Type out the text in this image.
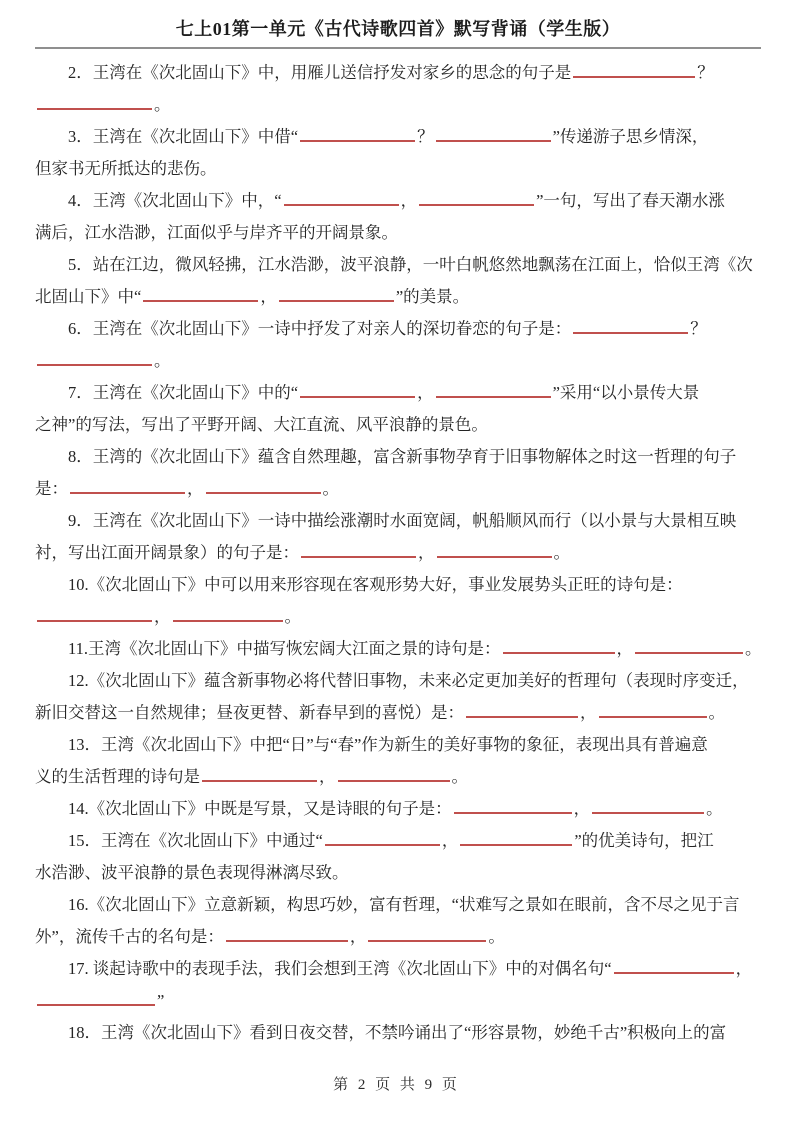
七上01第一单元《古代诗歌四首》默写背诵（学生版）
2．王湾在《次北固山下》中，用雁儿送信抒发对家乡的思念的句子是	？
。
3．王湾在《次北固山下》中借“	？	”传递游子思乡情深，
但家书无所抵达的悲伤。
4．王湾《次北固山下》中，“	，	”一句，写出了春天潮水涨
满后，江水浩渺，江面似乎与岸齐平的开阔景象。
5．站在江边，微风轻拂，江水浩渺，波平浪静，一叶白帆悠然地飘荡在江面上，恰似王湾《次
北固山下》中“	，	”的美景。
6．王湾在《次北固山下》一诗中抒发了对亲人的深切眷恋的句子是：	？
。
7．王湾在《次北固山下》中的“	，	”采用“以小景传大景
之神”的写法，写出了平野开阔、大江直流、风平浪静的景色。
8．王湾的《次北固山下》蕴含自然理趣，富含新事物孕育于旧事物解体之时这一哲理的句子
是：	，	。
9．王湾在《次北固山下》一诗中描绘涨潮时水面宽阔，帆船顺风而行（以小景与大景相互映
衬，写出江面开阔景象）的句子是：	，	。
10.《次北固山下》中可以用来形容现在客观形势大好，事业发展势头正旺的诗句是：
，	。
11.王湾《次北固山下》中描写恢宏阔大江面之景的诗句是：	，	。
12.《次北固山下》蕴含新事物必将代替旧事物，未来必定更加美好的哲理句（表现时序变迁，
新旧交替这一自然规律；昼夜更替、新春早到的喜悦）是：	，	。
13．王湾《次北固山下》中把“日”与“春”作为新生的美好事物的象征，表现出具有普遍意
义的生活哲理的诗句是	，	。
14.《次北固山下》中既是写景，又是诗眼的句子是：	，	。
15．王湾在《次北固山下》中通过“	，	”的优美诗句，把江
水浩渺、波平浪静的景色表现得淋漓尽致。
16.《次北固山下》立意新颖，构思巧妙，富有哲理，“状难写之景如在眼前，含不尽之见于言
外”，流传千古的名句是：	，	。
17. 谈起诗歌中的表现手法，我们会想到王湾《次北固山下》中的对偶名句“	，
”
18．王湾《次北固山下》看到日夜交替，不禁吟诵出了“形容景物，妙绝千古”积极向上的富
第 2 页 共 9 页
